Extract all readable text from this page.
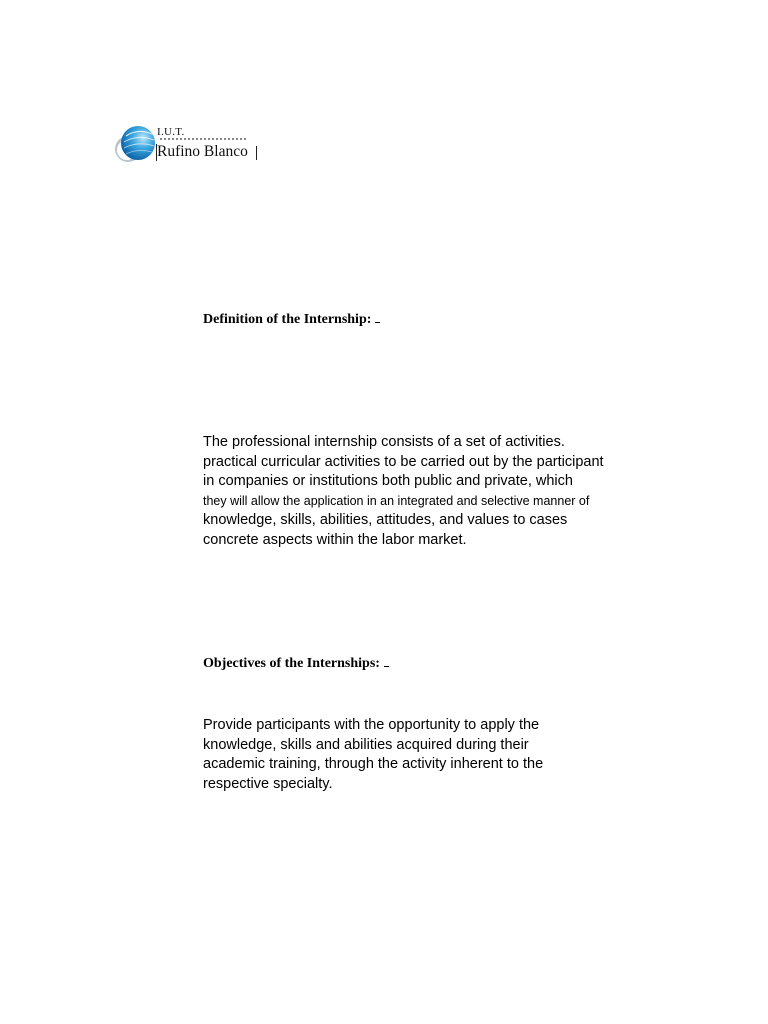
I.U.T.
Rufino Blanco
Definition of the Internship:
The professional internship consists of a set of activities.
practical curricular activities to be carried out by the participant
in companies or institutions both public and private, which
they will allow the application in an integrated and selective manner of
knowledge, skills, abilities, attitudes, and values to cases
concrete aspects within the labor market.
Objectives of the Internships:
Provide participants with the opportunity to apply the
knowledge, skills and abilities acquired during their
academic training, through the activity inherent to the
respective specialty.
